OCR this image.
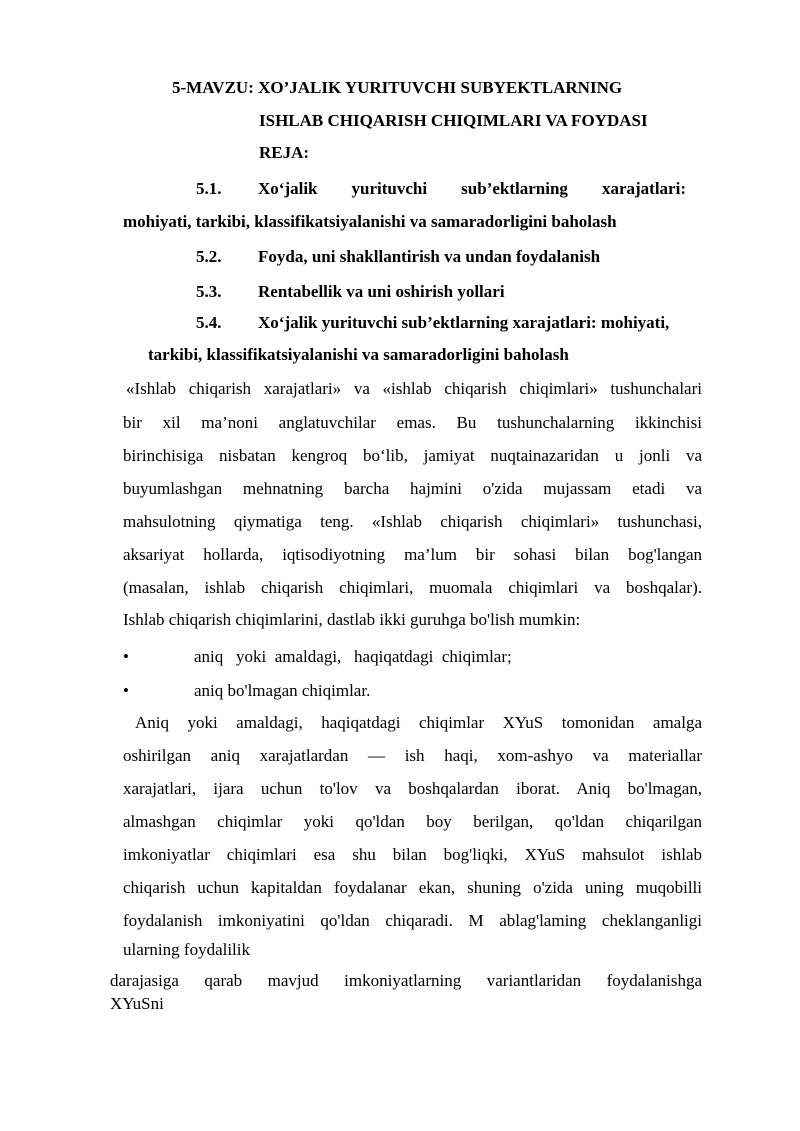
5-MAVZU: XO’JALIK YURITUVCHI SUBYEKTLARNING
ISHLAB CHIQARISH CHIQIMLARI VA FOYDASI
REJA:
5.1. Xo‘jalik yurituvchi sub’ektlarning xarajatlari:
mohiyati, tarkibi, klassifikatsiyalanishi va samaradorligini baholash
5.2. Foyda, uni shakllantirish va undan foydalanish
5.3. Rentabellik va uni oshirish yollari
5.4. Xo‘jalik yurituvchi sub’ektlarning xarajatlari: mohiyati,
tarkibi, klassifikatsiyalanishi va samaradorligini baholash
«Ishlab chiqarish xarajatlari» va «ishlab chiqarish chiqimlari» tushunchalari
bir xil ma’noni anglatuvchilar emas. Bu tushunchalarning ikkinchisi
birinchisiga nisbatan kengroq bo‘lib, jamiyat nuqtainazaridan u jonli va
buyumlashgan mehnatning barcha hajmini o'zida mujassam etadi va
mahsulotning qiymatiga teng. «Ishlab chiqarish chiqimlari» tushunchasi,
aksariyat hollarda, iqtisodiyotning ma’lum bir sohasi bilan bog'langan
(masalan, ishlab chiqarish chiqimlari, muomala chiqimlari va boshqalar).
Ishlab chiqarish chiqimlarini, dastlab ikki guruhga bo'lish mumkin:
•	aniq   yoki  amaldagi,   haqiqatdagi  chiqimlar;
•	aniq bo'lmagan chiqimlar.
Aniq yoki amaldagi, haqiqatdagi chiqimlar XYuS tomonidan amalga
oshirilgan aniq xarajatlardan — ish haqi, xom-ashyo va materiallar
xarajatlari, ijara uchun to'lov va boshqalardan iborat. Aniq bo'lmagan,
almashgan chiqimlar yoki qo'ldan boy berilgan, qo'ldan chiqarilgan
imkoniyatlar chiqimlari esa shu bilan bog'liqki, XYuS mahsulot ishlab
chiqarish uchun kapitaldan foydalanar ekan, shuning o'zida uning muqobilli
foydalanish imkoniyatini qo'ldan chiqaradi. M ablag'laming cheklanganligi
ularning foydalilik
darajasiga qarab mavjud imkoniyatlarning variantlaridan foydalanishga
XYuSni
